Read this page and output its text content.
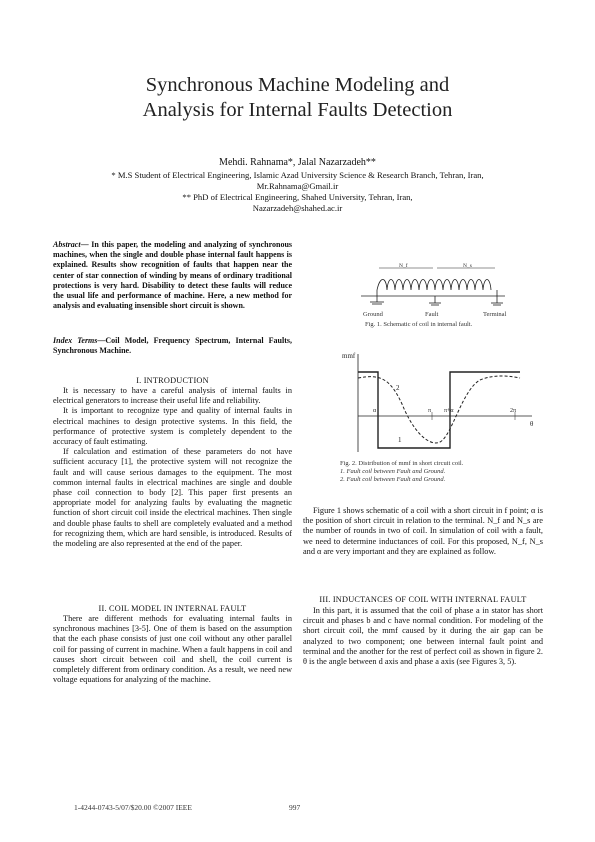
Synchronous Machine Modeling and
Analysis for Internal Faults Detection
Mehdi. Rahnama*, Jalal Nazarzadeh**
* M.S Student of Electrical Engineering, Islamic Azad University Science & Research Branch, Tehran, Iran,
Mr.Rahnama@Gmail.ir
** PhD of Electrical Engineering, Shahed University, Tehran, Iran,
Nazarzadeh@shahed.ac.ir

Abstract— In this paper, the modeling and analyzing of synchronous machines, when the single and double phase internal fault happens is explained. Results show recognition of faults that happen near the center of star connection of winding by means of ordinary traditional protections is very hard. Disability to detect these faults will reduce the usual life and performance of machine. Here, a new method for analysis and evaluating insensible short circuit is shown.

Index Terms—Coil Model, Frequency Spectrum, Internal Faults, Synchronous Machine.

I. INTRODUCTION

It is necessary to have a careful analysis of internal faults in electrical generators to increase their useful life and reliability.

It is important to recognize type and quality of internal faults in electrical machines to design protective systems. In this field, the performance of protective system is completely dependent to the accuracy of fault estimating.

If calculation and estimation of these parameters do not have sufficient accuracy [1], the protective system will not recognize the fault and will cause serious damages to the equipment. The most common internal faults in electrical machines are single and double phase coil connection to body [2]. This paper first presents an appropriate model for analyzing faults by evaluating the magnetic function of short circuit coil inside the electrical machines. Then single and double phase faults to shell are completely evaluated and a method for recognizing them, which are hard sensible, is introduced. Results of the modeling are also represented at the end of the paper.

II. COIL MODEL IN INTERNAL FAULT

There are different methods for evaluating internal faults in synchronous machines [3-5]. One of them is based on the assumption that the each phase consists of just one coil without any other parallel coil for passing of current in machine. When a fault happens in coil and causes short circuit between coil and shell, the coil current is completely different from ordinary condition. As a result, we need new voltage equations for analyzing of the machine.

N_f	N_s
Ground	Fault	Terminal
Fig. 1. Schematic of coil in internal fault.
mmf
θ
2
1
α	π π+α	2π
Fig. 2. Distribution of mmf in short circuit coil.
1. Fault coil between Fault and Ground.
2. Fault coil between Fault and Ground.

Figure 1 shows schematic of a coil with a short circuit in f point; α is the position of short circuit in relation to the terminal. N_f and N_s are the number of rounds in two of coil. In simulation of coil with a fault, we need to determine inductances of coil. For this proposed, N_f, N_s and α are very important and they are explained as follow.

III. INDUCTANCES OF COIL WITH INTERNAL FAULT

In this part, it is assumed that the coil of phase a in stator has short circuit and phases b and c have normal condition. For modeling of the short circuit coil, the mmf caused by it during the air gap can be analyzed to two component; one between internal fault point and terminal and the another for the rest of perfect coil as shown in figure 2. θ is the angle between d axis and phase a axis (see Figures 3, 5).

1-4244-0743-5/07/$20.00 ©2007 IEEE	997
